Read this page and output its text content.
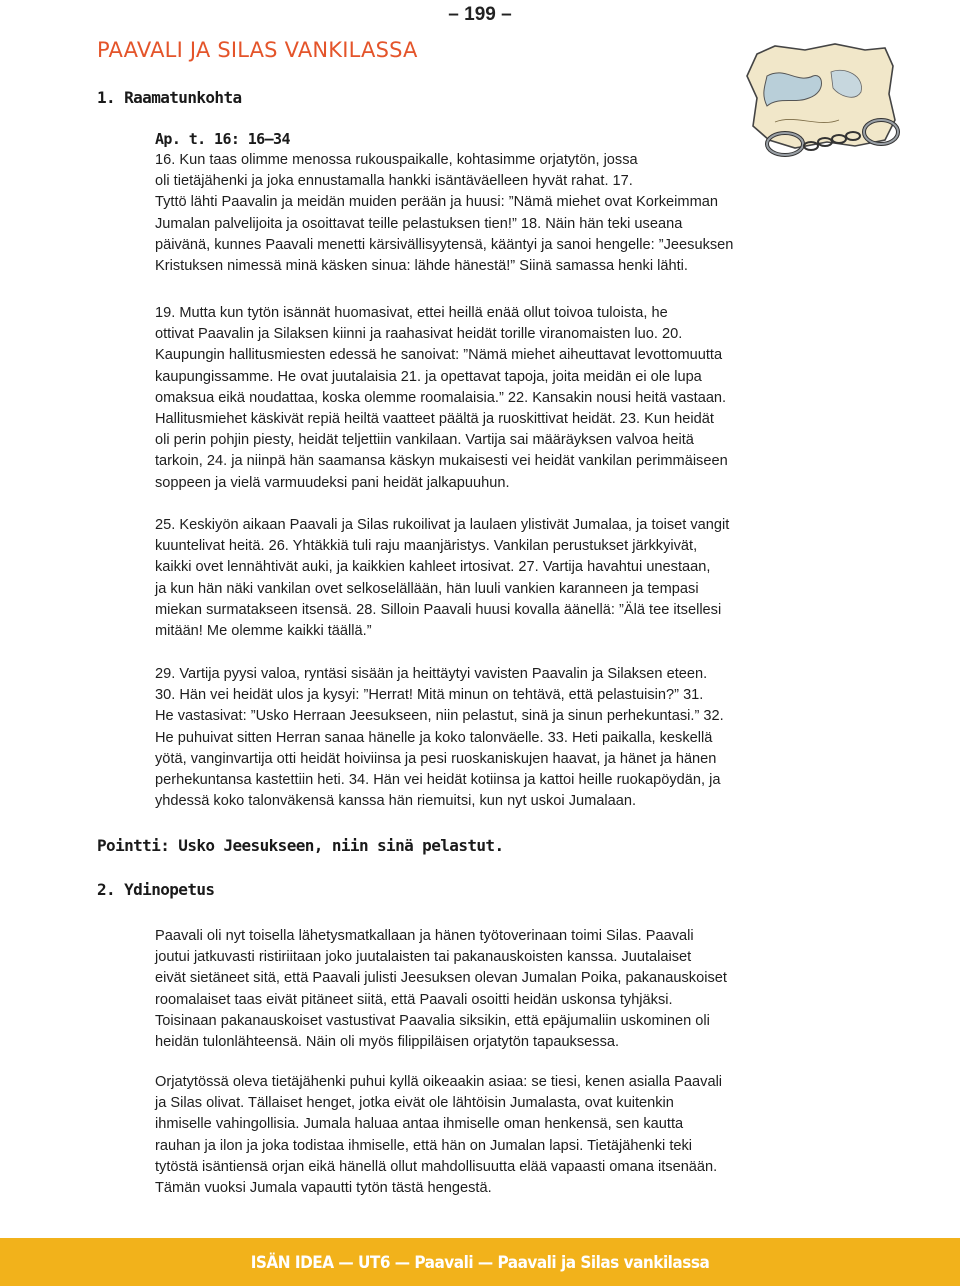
– 199 –
PAAVALI JA SILAS VANKILASSA
1. Raamatunkohta
Ap. t. 16: 16–34

16. Kun taas olimme menossa rukouspaikalle, kohtasimme orjatytön, jossa
oli tietäjähenki ja joka ennustamalla hankki isäntäväelleen hyvät rahat. 17.
Tyttö lähti Paavalin ja meidän muiden perään ja huusi: ”Nämä miehet ovat Korkeimman
Jumalan palvelijoita ja osoittavat teille pelastuksen tien!” 18. Näin hän teki useana
päivänä, kunnes Paavali menetti kärsivällisyytensä, kääntyi ja sanoi hengelle: ”Jeesuksen
Kristuksen nimessä minä käsken sinua: lähde hänestä!” Siinä samassa henki lähti.

19. Mutta kun tytön isännät huomasivat, ettei heillä enää ollut toivoa tuloista, he
ottivat Paavalin ja Silaksen kiinni ja raahasivat heidät torille viranomaisten luo. 20.
Kaupungin hallitusmiesten edessä he sanoivat: ”Nämä miehet aiheuttavat levottomuutta
kaupungissamme. He ovat juutalaisia 21. ja opettavat tapoja, joita meidän ei ole lupa
omaksua eikä noudattaa, koska olemme roomalaisia.” 22. Kansakin nousi heitä vastaan.
Hallitusmiehet käskivät repiä heiltä vaatteet päältä ja ruoskittivat heidät. 23. Kun heidät
oli perin pohjin piesty, heidät teljettiin vankilaan. Vartija sai määräyksen valvoa heitä
tarkoin, 24. ja niinpä hän saamansa käskyn mukaisesti vei heidät vankilan perimmäiseen
soppeen ja vielä varmuudeksi pani heidät jalkapuuhun.

25. Keskiyön aikaan Paavali ja Silas rukoilivat ja laulaen ylistivät Jumalaa, ja toiset vangit
kuuntelivat heitä. 26. Yhtäkkiä tuli raju maanjäristys. Vankilan perustukset järkkyivät,
kaikki ovet lennähtivät auki, ja kaikkien kahleet irtosivat. 27. Vartija havahtui unestaan,
ja kun hän näki vankilan ovet selkoselällään, hän luuli vankien karanneen ja tempasi
miekan surmatakseen itsensä. 28. Silloin Paavali huusi kovalla äänellä: ”Älä tee itsellesi
mitään! Me olemme kaikki täällä.”

29. Vartija pyysi valoa, ryntäsi sisään ja heittäytyi vavisten Paavalin ja Silaksen eteen.
30. Hän vei heidät ulos ja kysyi: ”Herrat! Mitä minun on tehtävä, että pelastuisin?” 31.
He vastasivat: ”Usko Herraan Jeesukseen, niin pelastut, sinä ja sinun perhekuntasi.” 32.
He puhuivat sitten Herran sanaa hänelle ja koko talonväelle. 33. Heti paikalla, keskellä
yötä, vanginvartija otti heidät hoiviinsa ja pesi ruoskaniskujen haavat, ja hänet ja hänen
perhekuntansa kastettiin heti. 34. Hän vei heidät kotiinsa ja kattoi heille ruokapöydän, ja
yhdessä koko talonväkensä kanssa hän riemuitsi, kun nyt uskoi Jumalaan.

Pointti: Usko Jeesukseen, niin sinä pelastut.
2. Ydinopetus

Paavali oli nyt toisella lähetysmatkallaan ja hänen työtoverinaan toimi Silas. Paavali
joutui jatkuvasti ristiriitaan joko juutalaisten tai pakanauskoisten kanssa. Juutalaiset
eivät sietäneet sitä, että Paavali julisti Jeesuksen olevan Jumalan Poika, pakanauskoiset
roomalaiset taas eivät pitäneet siitä, että Paavali osoitti heidän uskonsa tyhjäksi.
Toisinaan pakanauskoiset vastustivat Paavalia siksikin, että epäjumaliin uskominen oli
heidän tulonlähteensä. Näin oli myös filippiläisen orjatytön tapauksessa.

Orjatytössä oleva tietäjähenki puhui kyllä oikeaakin asiaa: se tiesi, kenen asialla Paavali
ja Silas olivat. Tällaiset henget, jotka eivät ole lähtöisin Jumalasta, ovat kuitenkin
ihmiselle vahingollisia. Jumala haluaa antaa ihmiselle oman henkensä, sen kautta
rauhan ja ilon ja joka todistaa ihmiselle, että hän on Jumalan lapsi. Tietäjähenki teki
tytöstä isäntiensä orjan eikä hänellä ollut mahdollisuutta elää vapaasti omana itsenään.
Tämän vuoksi Jumala vapautti tytön tästä hengestä.

ISÄN IDEA — UT6 — Paavali — Paavali ja Silas vankilassa
